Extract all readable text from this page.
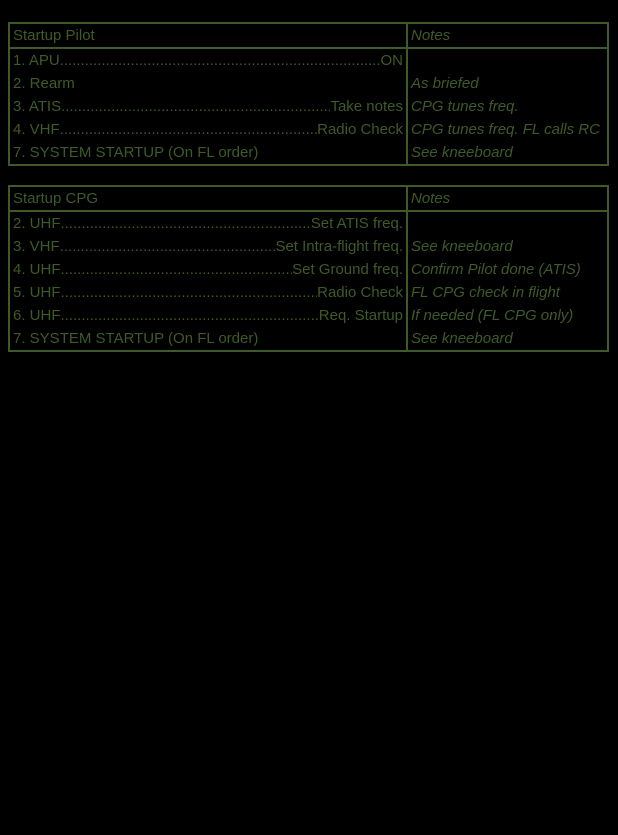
Startup Pilot	Notes

1. APU ..... ON

2. Rearm	As briefed

3. ATIS ..... Take notes	CPG tunes freq.

4. VHF ..... Radio Check	CPG tunes freq. FL calls RC
7. SYSTEM STARTUP (On FL order)	See kneeboard
Startup CPG	Notes

2. UHF ..... Set ATIS freq.

3. VHF ..... Set Intra-flight freq.	See kneeboard

4. UHF ..... Set Ground freq.	Confirm Pilot done (ATIS)

5. UHF ..... Radio Check	FL CPG check in flight

6. UHF ..... Req. Startup	If needed (FL CPG only)
7. SYSTEM STARTUP (On FL order)	See kneeboard
